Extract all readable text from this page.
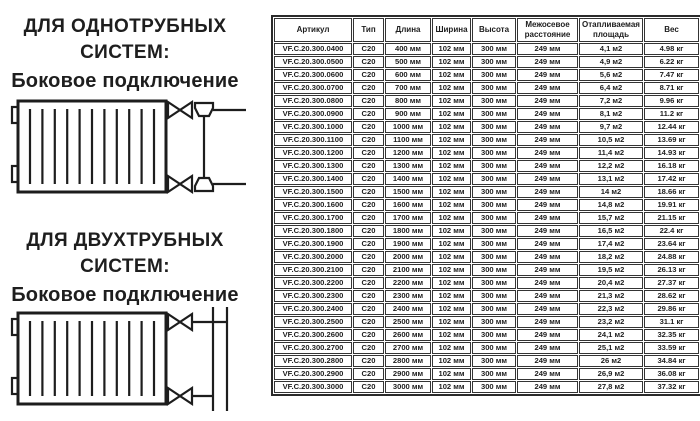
ДЛЯ ОДНОТРУБНЫХ
СИСТЕМ:
Боковое подключение
ДЛЯ ДВУХТРУБНЫХ
СИСТЕМ:
Боковое подключение
Артикул	Тип	Длина	Ширина	Высота	Межосевое расстояние	Отапливаемая площадь	Вес
VF.C.20.300.0400	C20	400 мм	102 мм	300 мм	249 мм	4,1 м2	4.98 кг
VF.C.20.300.0500	C20	500 мм	102 мм	300 мм	249 мм	4,9 м2	6.22 кг
VF.C.20.300.0600	C20	600 мм	102 мм	300 мм	249 мм	5,6 м2	7.47 кг
VF.C.20.300.0700	C20	700 мм	102 мм	300 мм	249 мм	6,4 м2	8.71 кг
VF.C.20.300.0800	C20	800 мм	102 мм	300 мм	249 мм	7,2 м2	9.96 кг
VF.C.20.300.0900	C20	900 мм	102 мм	300 мм	249 мм	8,1 м2	11.2 кг
VF.C.20.300.1000	C20	1000 мм	102 мм	300 мм	249 мм	9,7 м2	12.44 кг
VF.C.20.300.1100	C20	1100 мм	102 мм	300 мм	249 мм	10,5 м2	13.69 кг
VF.C.20.300.1200	C20	1200 мм	102 мм	300 мм	249 мм	11,4 м2	14.93 кг
VF.C.20.300.1300	C20	1300 мм	102 мм	300 мм	249 мм	12,2 м2	16.18 кг
VF.C.20.300.1400	C20	1400 мм	102 мм	300 мм	249 мм	13,1 м2	17.42 кг
VF.C.20.300.1500	C20	1500 мм	102 мм	300 мм	249 мм	14 м2	18.66 кг
VF.C.20.300.1600	C20	1600 мм	102 мм	300 мм	249 мм	14,8 м2	19.91 кг
VF.C.20.300.1700	C20	1700 мм	102 мм	300 мм	249 мм	15,7 м2	21.15 кг
VF.C.20.300.1800	C20	1800 мм	102 мм	300 мм	249 мм	16,5 м2	22.4 кг
VF.C.20.300.1900	C20	1900 мм	102 мм	300 мм	249 мм	17,4 м2	23.64 кг
VF.C.20.300.2000	C20	2000 мм	102 мм	300 мм	249 мм	18,2 м2	24.88 кг
VF.C.20.300.2100	C20	2100 мм	102 мм	300 мм	249 мм	19,5 м2	26.13 кг
VF.C.20.300.2200	C20	2200 мм	102 мм	300 мм	249 мм	20,4 м2	27.37 кг
VF.C.20.300.2300	C20	2300 мм	102 мм	300 мм	249 мм	21,3 м2	28.62 кг
VF.C.20.300.2400	C20	2400 мм	102 мм	300 мм	249 мм	22,3 м2	29.86 кг
VF.C.20.300.2500	C20	2500 мм	102 мм	300 мм	249 мм	23,2 м2	31.1 кг
VF.C.20.300.2600	C20	2600 мм	102 мм	300 мм	249 мм	24,1 м2	32.35 кг
VF.C.20.300.2700	C20	2700 мм	102 мм	300 мм	249 мм	25,1 м2	33.59 кг
VF.C.20.300.2800	C20	2800 мм	102 мм	300 мм	249 мм	26 м2	34.84 кг
VF.C.20.300.2900	C20	2900 мм	102 мм	300 мм	249 мм	26,9 м2	36.08 кг
VF.C.20.300.3000	C20	3000 мм	102 мм	300 мм	249 мм	27,8 м2	37.32 кг
